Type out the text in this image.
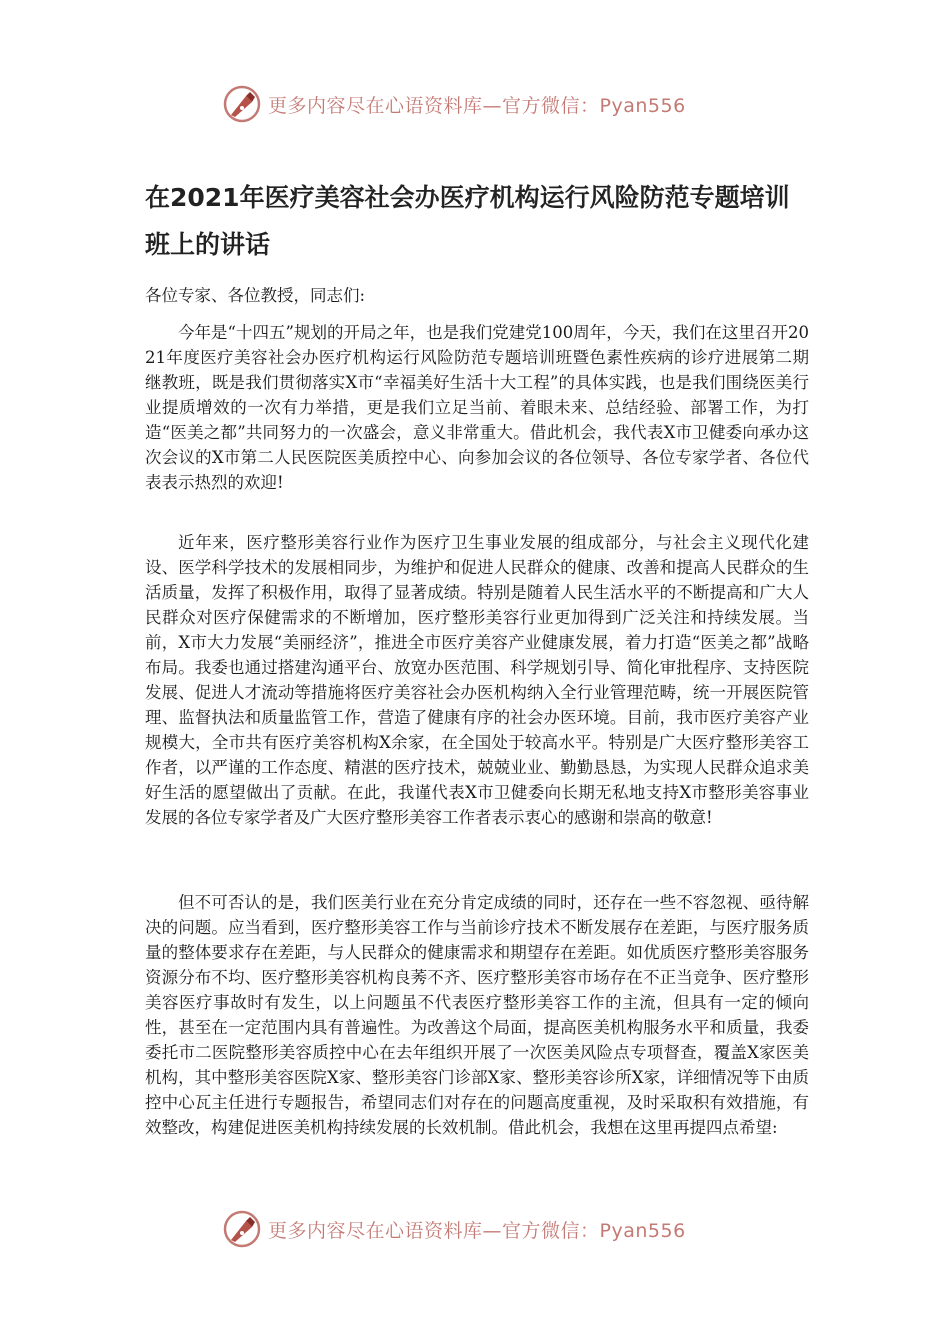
更多内容尽在心语资料库—官方微信：Pyan556
在2021年医疗美容社会办医疗机构运行风险防范专题培训班上的讲话

各位专家、各位教授，同志们:

今年是“十四五”规划的开局之年，也是我们党建党100周年，今天，我们在这里召开2021年度医疗美容社会办医疗机构运行风险防范专题培训班暨色素性疾病的诊疗进展第二期继教班，既是我们贯彻落实X市“幸福美好生活十大工程”的具体实践，也是我们围绕医美行业提质增效的一次有力举措，更是我们立足当前、着眼未来、总结经验、部署工作，为打造“医美之都”共同努力的一次盛会，意义非常重大。借此机会，我代表X市卫健委向承办这次会议的X市第二人民医院医美质控中心、向参加会议的各位领导、各位专家学者、各位代表表示热烈的欢迎!

近年来，医疗整形美容行业作为医疗卫生事业发展的组成部分，与社会主义现代化建设、医学科学技术的发展相同步，为维护和促进人民群众的健康、改善和提高人民群众的生活质量，发挥了积极作用，取得了显著成绩。特别是随着人民生活水平的不断提高和广大人民群众对医疗保健需求的不断增加，医疗整形美容行业更加得到广泛关注和持续发展。当前，X市大力发展“美丽经济”，推进全市医疗美容产业健康发展，着力打造“医美之都”战略布局。我委也通过搭建沟通平台、放宽办医范围、科学规划引导、简化审批程序、支持医院发展、促进人才流动等措施将医疗美容社会办医机构纳入全行业管理范畴，统一开展医院管理、监督执法和质量监管工作，营造了健康有序的社会办医环境。目前，我市医疗美容产业规模大，全市共有医疗美容机构X余家，在全国处于较高水平。特别是广大医疗整形美容工作者，以严谨的工作态度、精湛的医疗技术，兢兢业业、勤勤恳恳，为实现人民群众追求美好生活的愿望做出了贡献。在此，我谨代表X市卫健委向长期无私地支持X市整形美容事业发展的各位专家学者及广大医疗整形美容工作者表示衷心的感谢和崇高的敬意!

但不可否认的是，我们医美行业在充分肯定成绩的同时，还存在一些不容忽视、亟待解决的问题。应当看到，医疗整形美容工作与当前诊疗技术不断发展存在差距，与医疗服务质量的整体要求存在差距，与人民群众的健康需求和期望存在差距。如优质医疗整形美容服务资源分布不均、医疗整形美容机构良莠不齐、医疗整形美容市场存在不正当竞争、医疗整形美容医疗事故时有发生，以上问题虽不代表医疗整形美容工作的主流，但具有一定的倾向性，甚至在一定范围内具有普遍性。为改善这个局面，提高医美机构服务水平和质量，我委委托市二医院整形美容质控中心在去年组织开展了一次医美风险点专项督查，覆盖X家医美机构，其中整形美容医院X家、整形美容门诊部X家、整形美容诊所X家，详细情况等下由质控中心瓦主任进行专题报告，希望同志们对存在的问题高度重视，及时采取积有效措施，有效整改，构建促进医美机构持续发展的长效机制。借此机会，我想在这里再提四点希望:

更多内容尽在心语资料库—官方微信：Pyan556
